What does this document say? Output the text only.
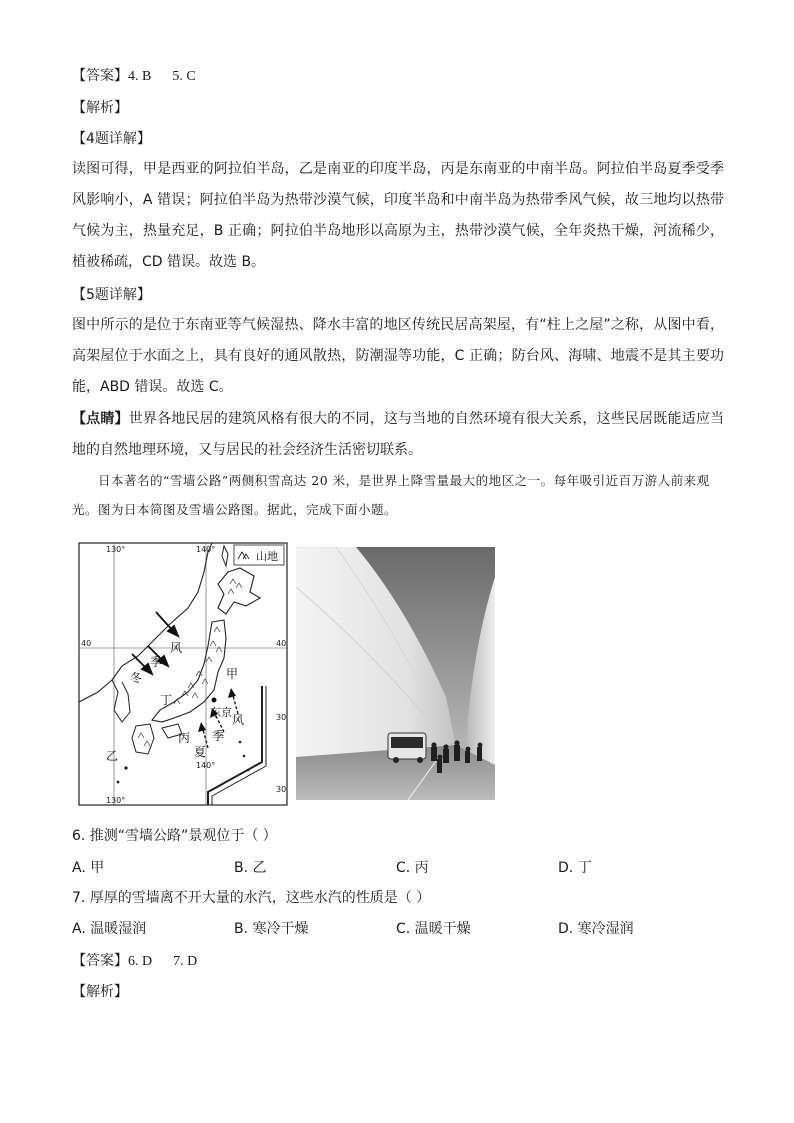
【答案】4. B      5. C
【解析】
【4题详解】
读图可得，甲是西亚的阿拉伯半岛，乙是南亚的印度半岛，丙是东南亚的中南半岛。阿拉伯半岛夏季受季风影响小，A 错误；阿拉伯半岛为热带沙漠气候，印度半岛和中南半岛为热带季风气候，故三地均以热带气候为主，热量充足，B 正确；阿拉伯半岛地形以高原为主，热带沙漠气候，全年炎热干燥，河流稀少，植被稀疏，CD 错误。故选 B。
【5题详解】
图中所示的是位于东南亚等气候湿热、降水丰富的地区传统民居高架屋，有“柱上之屋”之称，从图中看，高架屋位于水面之上，具有良好的通风散热，防潮湿等功能，C 正确；防台风、海啸、地震不是其主要功能，ABD 错误。故选 C。
【点睛】世界各地民居的建筑风格有很大的不同，这与当地的自然环境有很大关系，这些民居既能适应当地的自然地理环境，又与居民的社会经济生活密切联系。
日本著名的“雪墙公路”两侧积雪高达 20 米，是世界上降雪量最大的地区之一。每年吸引近百万游人前来观光。图为日本简图及雪墙公路图。据此，完成下面小题。
山地
130°	140°
130°
140°
40	40
30
30
甲
乙
丙
丁
东京
冬
季
风
夏
季
风
6. 推测“雪墙公路”景观位于（ ）
A. 甲	B. 乙	C. 丙	D. 丁
7. 厚厚的雪墙离不开大量的水汽，这些水汽的性质是（ ）
A. 温暖湿润	B. 寒冷干燥	C. 温暖干燥	D. 寒冷湿润
【答案】6. D      7. D
【解析】
